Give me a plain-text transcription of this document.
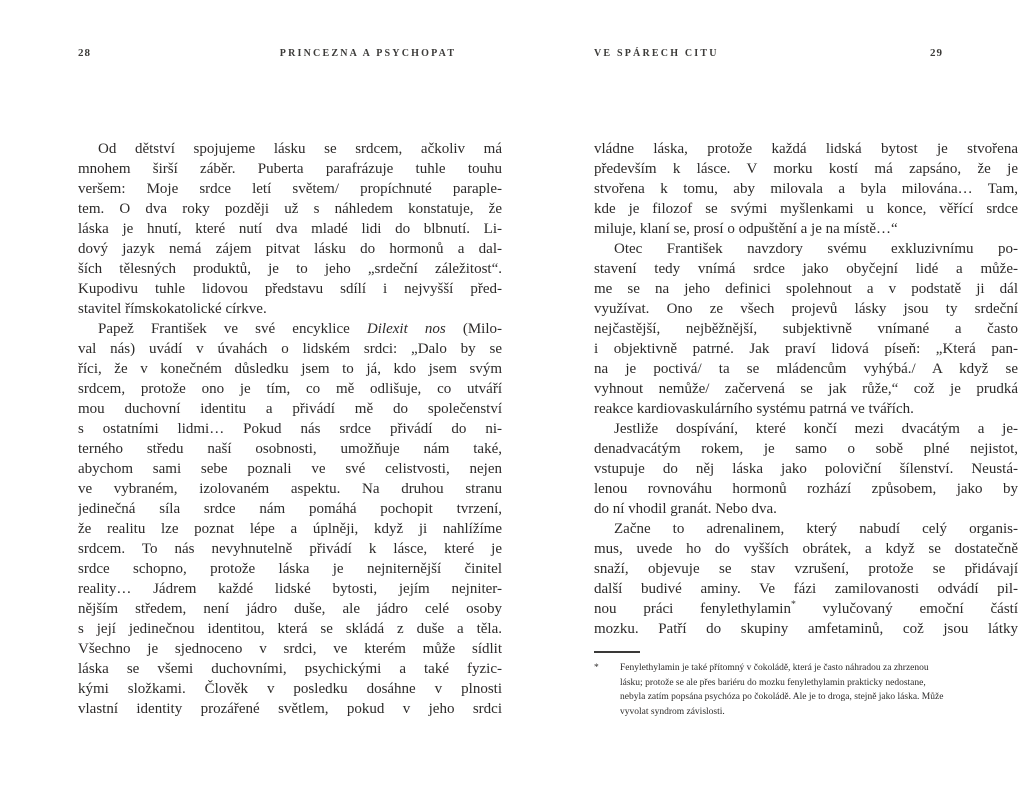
28	PRINCEZNA A PSYCHOPAT	VE SPÁRECH CITU	29
Od dětství spojujeme lásku se srdcem, ačkoliv má
mnohem širší záběr. Puberta parafrázuje tuhle touhu
veršem: Moje srdce letí světem/ propíchnuté paraple-
tem. O dva roky později už s náhledem konstatuje, že
láska je hnutí, které nutí dva mladé lidi do blbnutí. Li-
dový jazyk nemá zájem pitvat lásku do hormonů a dal-
ších tělesných produktů, je to jeho „srdeční záležitost“.
Kupodivu tuhle lidovou představu sdílí i nejvyšší před-
stavitel římskokatolické církve.
Papež František ve své encyklice Dilexit nos (Milo-
val nás) uvádí v úvahách o lidském srdci: „Dalo by se
říci, že v konečném důsledku jsem to já, kdo jsem svým
srdcem, protože ono je tím, co mě odlišuje, co utváří
mou duchovní identitu a přivádí mě do společenství
s ostatními lidmi… Pokud nás srdce přivádí do ni-
terného středu naší osobnosti, umožňuje nám také,
abychom sami sebe poznali ve své celistvosti, nejen
ve vybraném, izolovaném aspektu. Na druhou stranu
jedinečná síla srdce nám pomáhá pochopit tvrzení,
že realitu lze poznat lépe a úplněji, když ji nahlížíme
srdcem. To nás nevyhnutelně přivádí k lásce, které je
srdce schopno, protože láska je nejniternější činitel
reality… Jádrem každé lidské bytosti, jejím nejniter-
nějším středem, není jádro duše, ale jádro celé osoby
s její jedinečnou identitou, která se skládá z duše a těla.
Všechno je sjednoceno v srdci, ve kterém může sídlit
láska se všemi duchovními, psychickými a také fyzic-
kými složkami. Člověk v posledku dosáhne v plnosti
vlastní identity prozářené světlem, pokud v jeho srdci
vládne láska, protože každá lidská bytost je stvořena
především k lásce. V morku kostí má zapsáno, že je
stvořena k tomu, aby milovala a byla milována… Tam,
kde je filozof se svými myšlenkami u konce, věřící srdce
miluje, klaní se, prosí o odpuštění a je na místě…“
Otec František navzdory svému exkluzivnímu po-
stavení tedy vnímá srdce jako obyčejní lidé a může-
me se na jeho definici spolehnout a v podstatě ji dál
využívat. Ono ze všech projevů lásky jsou ty srdeční
nejčastější, nejběžnější, subjektivně vnímané a často
i objektivně patrné. Jak praví lidová píseň: „Která pan-
na je poctivá/ ta se mládencům vyhýbá./ A když se
vyhnout nemůže/ začervená se jak růže,“ což je prudká
reakce kardiovaskulárního systému patrná ve tvářích.
Jestliže dospívání, které končí mezi dvacátým a je-
denadvacátým rokem, je samo o sobě plné nejistot,
vstupuje do něj láska jako poloviční šílenství. Neustá-
lenou rovnováhu hormonů rozhází způsobem, jako by
do ní vhodil granát. Nebo dva.
Začne to adrenalinem, který nabudí celý organis-
mus, uvede ho do vyšších obrátek, a když se dostatečně
snaží, objevuje se stav vzrušení, protože se přidávají
další budivé aminy. Ve fázi zamilovanosti odvádí pil-
nou práci fenylethylamin* vylučovaný emoční částí
mozku. Patří do skupiny amfetaminů, což jsou látky
* Fenylethylamin je také přítomný v čokoládě, která je často náhradou za zhrzenou
lásku; protože se ale přes bariéru do mozku fenylethylamin prakticky nedostane,
nebyla zatím popsána psychóza po čokoládě. Ale je to droga, stejně jako láska. Může
vyvolat syndrom závislosti.
